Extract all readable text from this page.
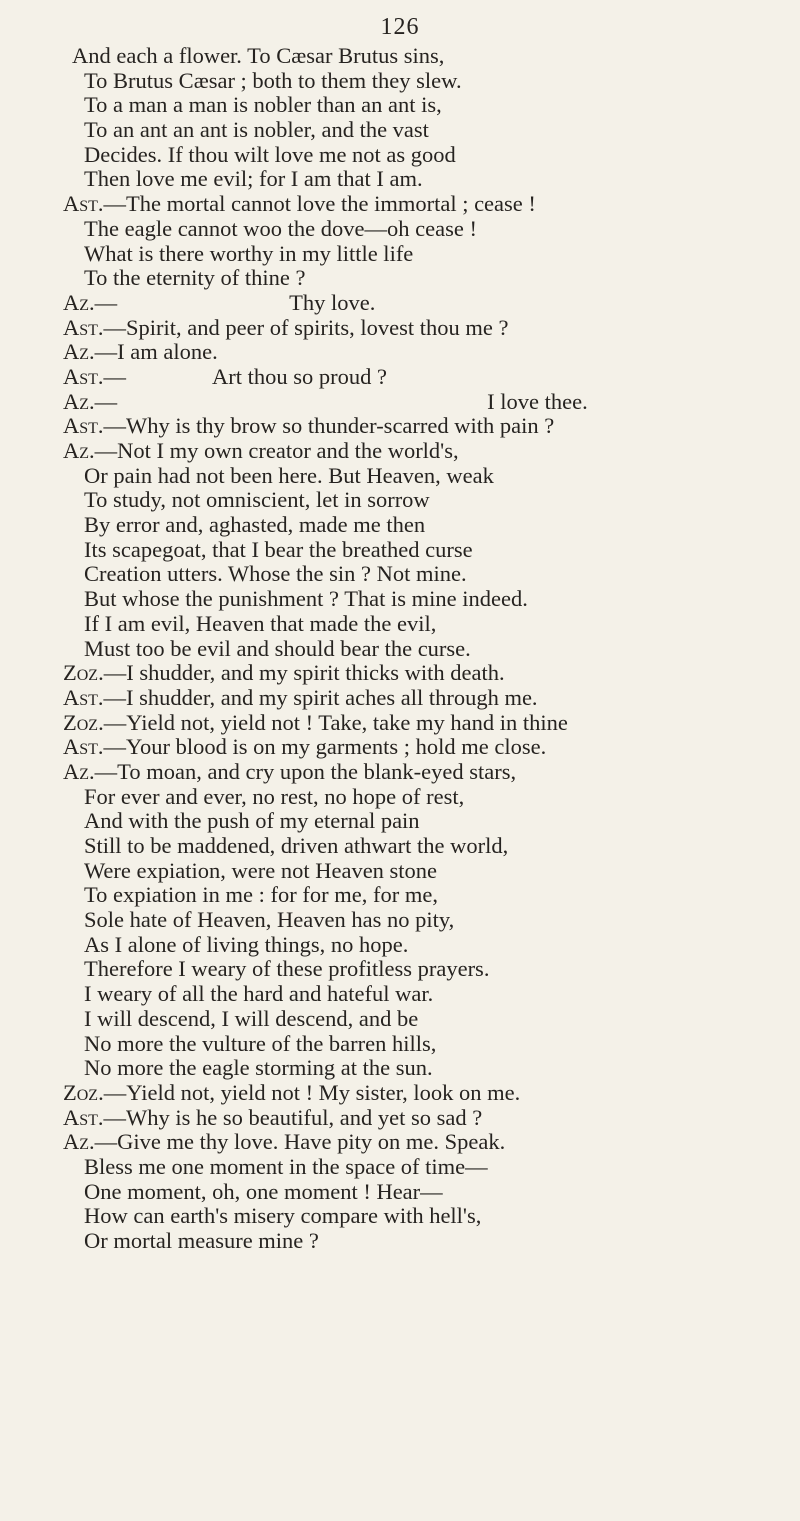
126
And each a flower. To Cæsar Brutus sins,
To Brutus Cæsar ; both to them they slew.
To a man a man is nobler than an ant is,
To an ant an ant is nobler, and the vast
Decides. If thou wilt love me not as good
Then love me evil; for I am that I am.
Ast.—The mortal cannot love the immortal ; cease !
The eagle cannot woo the dove—oh cease !
What is there worthy in my little life
To the eternity of thine ?
Az.—	Thy love.
Ast.—Spirit, and peer of spirits, lovest thou me ?
Az.—I am alone.
Ast.—	Art thou so proud ?
Az.—	I love thee.
Ast.—Why is thy brow so thunder-scarred with pain ?
Az.—Not I my own creator and the world's,
Or pain had not been here. But Heaven, weak
To study, not omniscient, let in sorrow
By error and, aghasted, made me then
Its scapegoat, that I bear the breathed curse
Creation utters. Whose the sin ? Not mine.
But whose the punishment ? That is mine indeed.
If I am evil, Heaven that made the evil,
Must too be evil and should bear the curse.
Zoz.—I shudder, and my spirit thicks with death.
Ast.—I shudder, and my spirit aches all through me.
Zoz.—Yield not, yield not ! Take, take my hand in thine
Ast.—Your blood is on my garments ; hold me close.
Az.—To moan, and cry upon the blank-eyed stars,
For ever and ever, no rest, no hope of rest,
And with the push of my eternal pain
Still to be maddened, driven athwart the world,
Were expiation, were not Heaven stone
To expiation in me : for for me, for me,
Sole hate of Heaven, Heaven has no pity,
As I alone of living things, no hope.
Therefore I weary of these profitless prayers.
I weary of all the hard and hateful war.
I will descend, I will descend, and be
No more the vulture of the barren hills,
No more the eagle storming at the sun.
Zoz.—Yield not, yield not ! My sister, look on me.
Ast.—Why is he so beautiful, and yet so sad ?
Az.—Give me thy love. Have pity on me. Speak.
Bless me one moment in the space of time—
One moment, oh, one moment ! Hear—
How can earth's misery compare with hell's,
Or mortal measure mine ?
